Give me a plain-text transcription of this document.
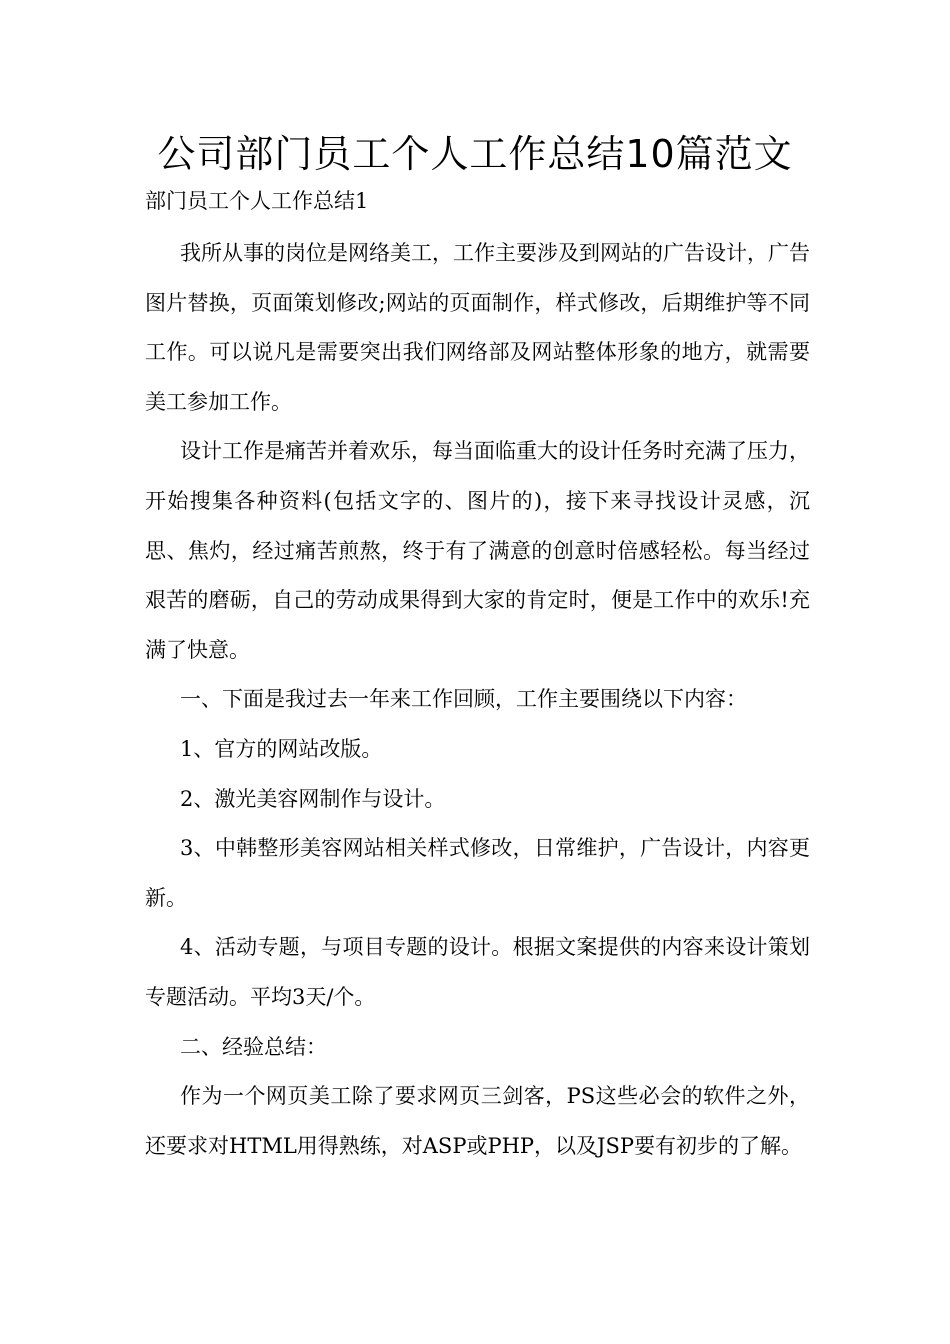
公司部门员工个人工作总结10篇范文

部门员工个人工作总结1

我所从事的岗位是网络美工，工作主要涉及到网站的广告设计，广告图片替换，页面策划修改;网站的页面制作，样式修改，后期维护等不同工作。可以说凡是需要突出我们网络部及网站整体形象的地方，就需要美工参加工作。

设计工作是痛苦并着欢乐，每当面临重大的设计任务时充满了压力，开始搜集各种资料(包括文字的、图片的)，接下来寻找设计灵感，沉思、焦灼，经过痛苦煎熬，终于有了满意的创意时倍感轻松。每当经过艰苦的磨砺，自己的劳动成果得到大家的肯定时，便是工作中的欢乐!充满了快意。

一、下面是我过去一年来工作回顾，工作主要围绕以下内容：

1、官方的网站改版。

2、激光美容网制作与设计。

3、中韩整形美容网站相关样式修改，日常维护，广告设计，内容更新。

4、活动专题，与项目专题的设计。根据文案提供的内容来设计策划专题活动。平均3天/个。

二、经验总结：

作为一个网页美工除了要求网页三剑客，PS这些必会的软件之外，还要求对HTML用得熟练，对ASP或PHP，以及JSP要有初步的了解。
